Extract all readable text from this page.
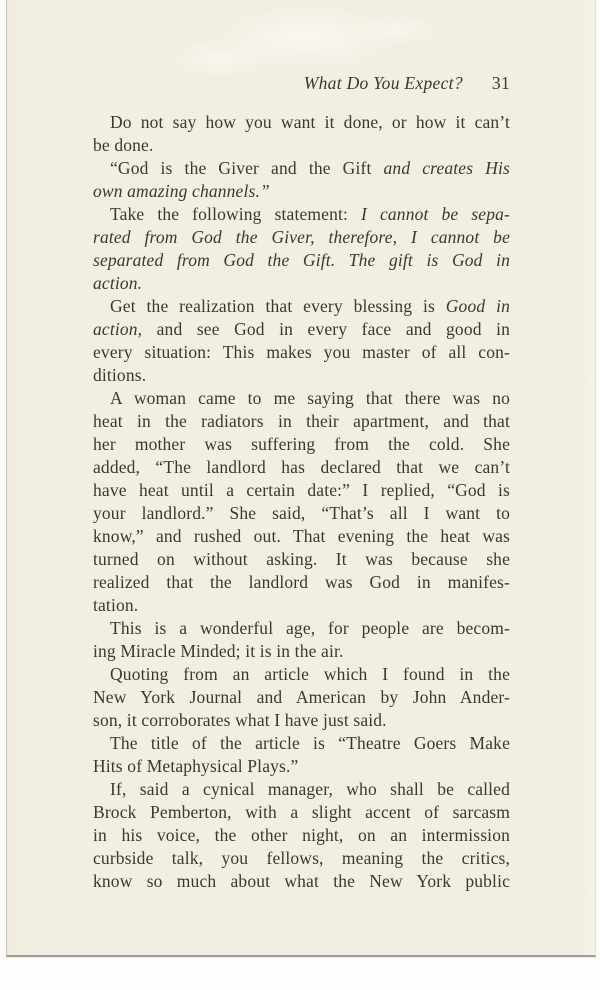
What Do You Expect? 31
Do not say how you want it done, or how it can’t
be done.
“God is the Giver and the Gift and creates His
own amazing channels.”
Take the following statement: I cannot be sepa-
rated from God the Giver, therefore, I cannot be
separated from God the Gift. The gift is God in
action.
Get the realization that every blessing is Good in
action, and see God in every face and good in
every situation: This makes you master of all con-
ditions.
A woman came to me saying that there was no
heat in the radiators in their apartment, and that
her mother was suffering from the cold. She
added, “The landlord has declared that we can’t
have heat until a certain date:” I replied, “God is
your landlord.” She said, “That’s all I want to
know,” and rushed out. That evening the heat was
turned on without asking. It was because she
realized that the landlord was God in manifes-
tation.
This is a wonderful age, for people are becom-
ing Miracle Minded; it is in the air.
Quoting from an article which I found in the
New York Journal and American by John Ander-
son, it corroborates what I have just said.
The title of the article is “Theatre Goers Make
Hits of Metaphysical Plays.”
If, said a cynical manager, who shall be called
Brock Pemberton, with a slight accent of sarcasm
in his voice, the other night, on an intermission
curbside talk, you fellows, meaning the critics,
know so much about what the New York public
